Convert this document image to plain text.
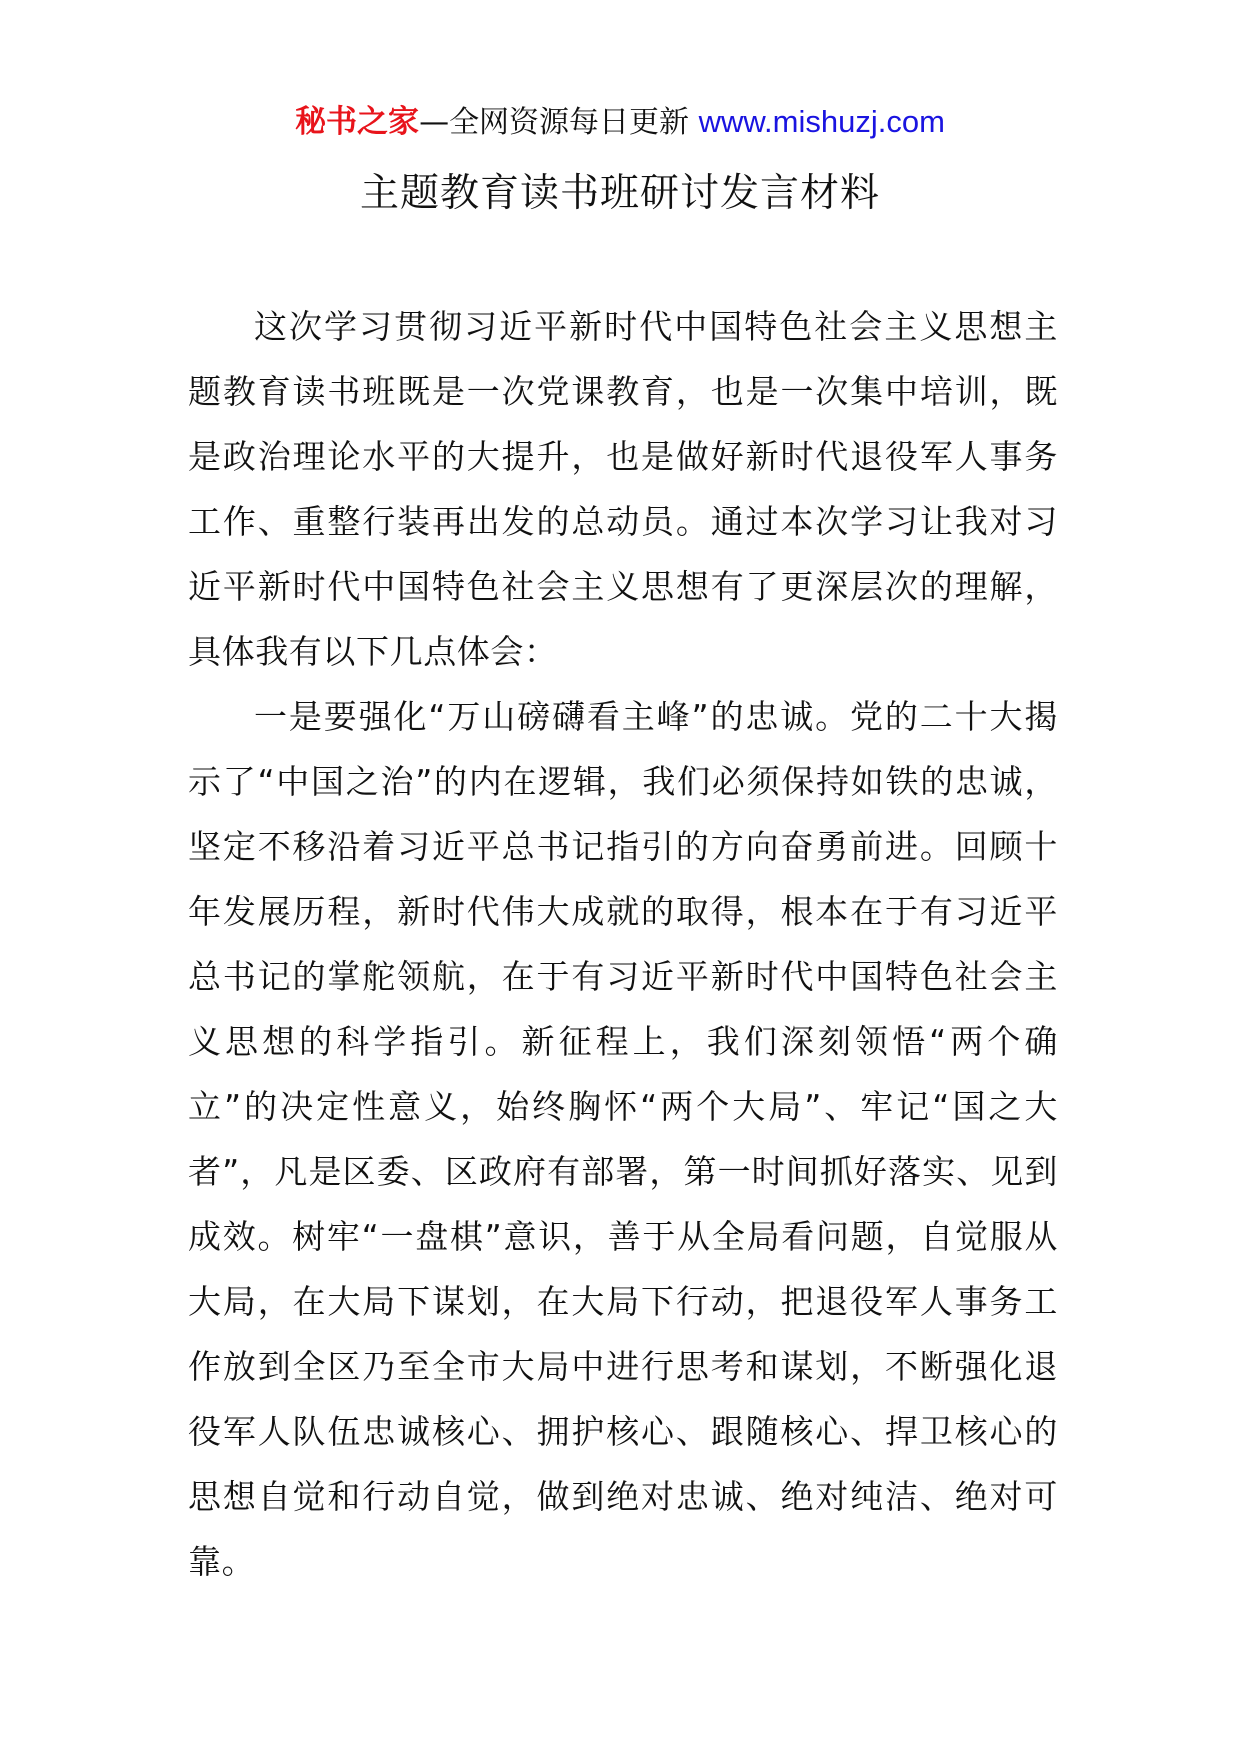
秘书之家—全网资源每日更新 www.mishuzj.com
主题教育读书班研讨发言材料

这次学习贯彻习近平新时代中国特色社会主义思想主题教育读书班既是一次党课教育，也是一次集中培训，既是政治理论水平的大提升，也是做好新时代退役军人事务工作、重整行装再出发的总动员。通过本次学习让我对习近平新时代中国特色社会主义思想有了更深层次的理解，具体我有以下几点体会：

一是要强化“万山磅礴看主峰”的忠诚。党的二十大揭示了“中国之治”的内在逻辑，我们必须保持如铁的忠诚，坚定不移沿着习近平总书记指引的方向奋勇前进。回顾十年发展历程，新时代伟大成就的取得，根本在于有习近平总书记的掌舵领航，在于有习近平新时代中国特色社会主义思想的科学指引。新征程上，我们深刻领悟“两个确立”的决定性意义，始终胸怀“两个大局”、牢记“国之大者”，凡是区委、区政府有部署，第一时间抓好落实、见到成效。树牢“一盘棋”意识，善于从全局看问题，自觉服从大局，在大局下谋划，在大局下行动，把退役军人事务工作放到全区乃至全市大局中进行思考和谋划，不断强化退役军人队伍忠诚核心、拥护核心、跟随核心、捍卫核心的思想自觉和行动自觉，做到绝对忠诚、绝对纯洁、绝对可靠。
